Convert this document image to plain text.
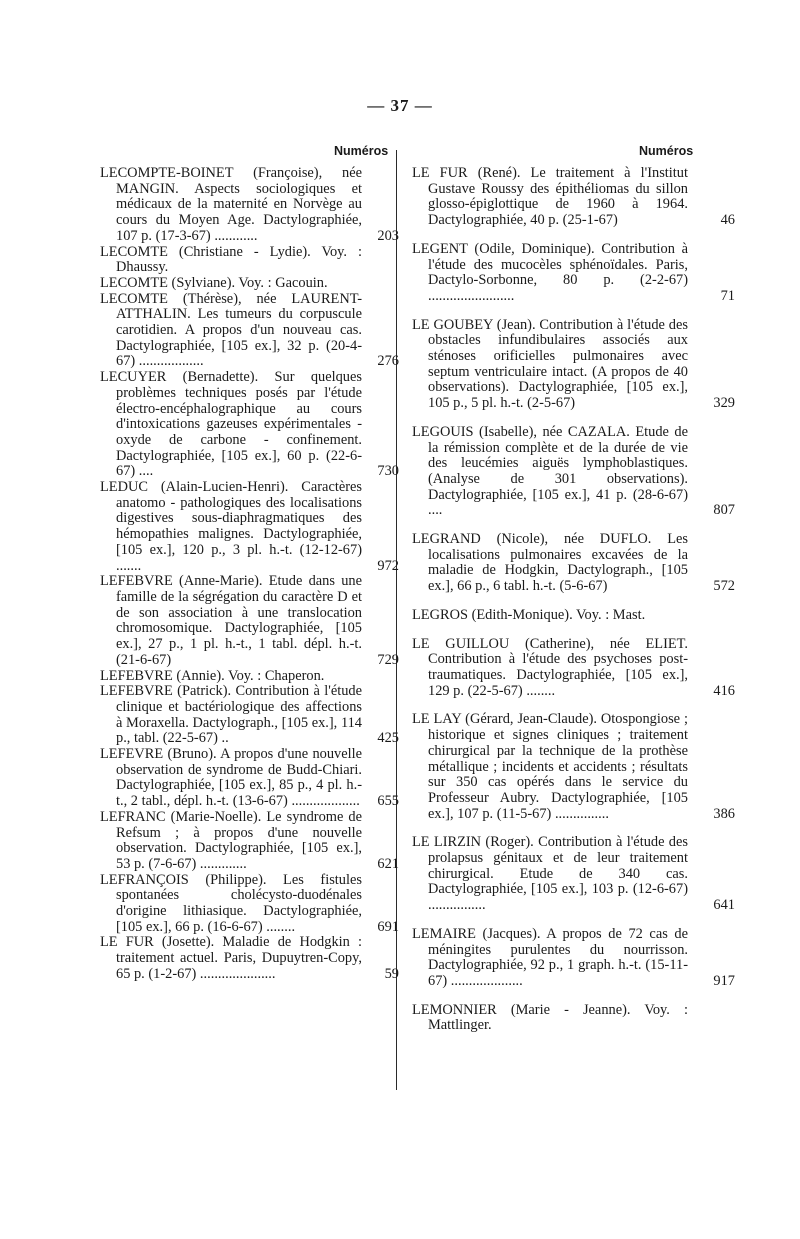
— 37 —
Numéros	Numéros
LECOMPTE-BOINET (Françoise), née MANGIN. Aspects sociologiques et médicaux de la maternité en Norvège au cours du Moyen Age. Dactylographiée, 107 p. (17-3-67) ............	203
LECOMTE (Christiane - Lydie). Voy. : Dhaussy.
LECOMTE (Sylviane). Voy. : Gacouin.
LECOMTE (Thérèse), née LAURENT-ATTHALIN. Les tumeurs du corpuscule carotidien. A propos d'un nouveau cas. Dactylographiée, [105 ex.], 32 p. (20-4-67) ..................	276
LECUYER (Bernadette). Sur quelques problèmes techniques posés par l'étude électro-encéphalographique au cours d'intoxications gazeuses expérimentales - oxyde de carbone - confinement. Dactylographiée, [105 ex.], 60 p. (22-6-67) ....	730
LEDUC (Alain-Lucien-Henri). Caractères anatomo - pathologiques des localisations digestives sous-diaphragmatiques des hémopathies malignes. Dactylographiée, [105 ex.], 120 p., 3 pl. h.-t. (12-12-67) .......	972
LEFEBVRE (Anne-Marie). Etude dans une famille de la ségrégation du caractère D et de son association à une translocation chromosomique. Dactylographiée, [105 ex.], 27 p., 1 pl. h.-t., 1 tabl. dépl. h.-t. (21-6-67)	729
LEFEBVRE (Annie). Voy. : Chaperon.
LEFEBVRE (Patrick). Contribution à l'étude clinique et bactériologique des affections à Moraxella. Dactylograph., [105 ex.], 114 p., tabl. (22-5-67) ..	425
LEFEVRE (Bruno). A propos d'une nouvelle observation de syndrome de Budd-Chiari. Dactylographiée, [105 ex.], 85 p., 4 pl. h.-t., 2 tabl., dépl. h.-t. (13-6-67) ...................	655
LEFRANC (Marie-Noelle). Le syndrome de Refsum ; à propos d'une nouvelle observation. Dactylographiée, [105 ex.], 53 p. (7-6-67) .............	621
LEFRANÇOIS (Philippe). Les fistules spontanées cholécysto-duodénales d'origine lithiasique. Dactylographiée, [105 ex.], 66 p. (16-6-67) ........	691
LE FUR (Josette). Maladie de Hodgkin : traitement actuel. Paris, Dupuytren-Copy, 65 p. (1-2-67) .....................	59
LE FUR (René). Le traitement à l'Institut Gustave Roussy des épithéliomas du sillon glosso-épiglottique de 1960 à 1964. Dactylographiée, 40 p. (25-1-67)	46
LEGENT (Odile, Dominique). Contribution à l'étude des mucocèles sphénoïdales. Paris, Dactylo-Sorbonne, 80 p. (2-2-67) ........................	71
LE GOUBEY (Jean). Contribution à l'étude des obstacles infundibulaires associés aux sténoses orificielles pulmonaires avec septum ventriculaire intact. (A propos de 40 observations). Dactylographiée, [105 ex.], 105 p., 5 pl. h.-t. (2-5-67)	329
LEGOUIS (Isabelle), née CAZALA. Etude de la rémission complète et de la durée de vie des leucémies aiguës lymphoblastiques. (Analyse de 301 observations). Dactylographiée, [105 ex.], 41 p. (28-6-67) ....	807
LEGRAND (Nicole), née DUFLO. Les localisations pulmonaires excavées de la maladie de Hodgkin, Dactylograph., [105 ex.], 66 p., 6 tabl. h.-t. (5-6-67)	572
LEGROS (Edith-Monique). Voy. : Mast.
LE GUILLOU (Catherine), née ELIET. Contribution à l'étude des psychoses post-traumatiques. Dactylographiée, [105 ex.], 129 p. (22-5-67) ........	416
LE LAY (Gérard, Jean-Claude). Otospongiose ; historique et signes cliniques ; traitement chirurgical par la technique de la prothèse métallique ; incidents et accidents ; résultats sur 350 cas opérés dans le service du Professeur Aubry. Dactylographiée, [105 ex.], 107 p. (11-5-67) ...............	386
LE LIRZIN (Roger). Contribution à l'étude des prolapsus génitaux et de leur traitement chirurgical. Etude de 340 cas. Dactylographiée, [105 ex.], 103 p. (12-6-67) ................	641
LEMAIRE (Jacques). A propos de 72 cas de méningites purulentes du nourrisson. Dactylographiée, 92 p., 1 graph. h.-t. (15-11-67) ....................	917
LEMONNIER (Marie - Jeanne). Voy. : Mattlinger.
